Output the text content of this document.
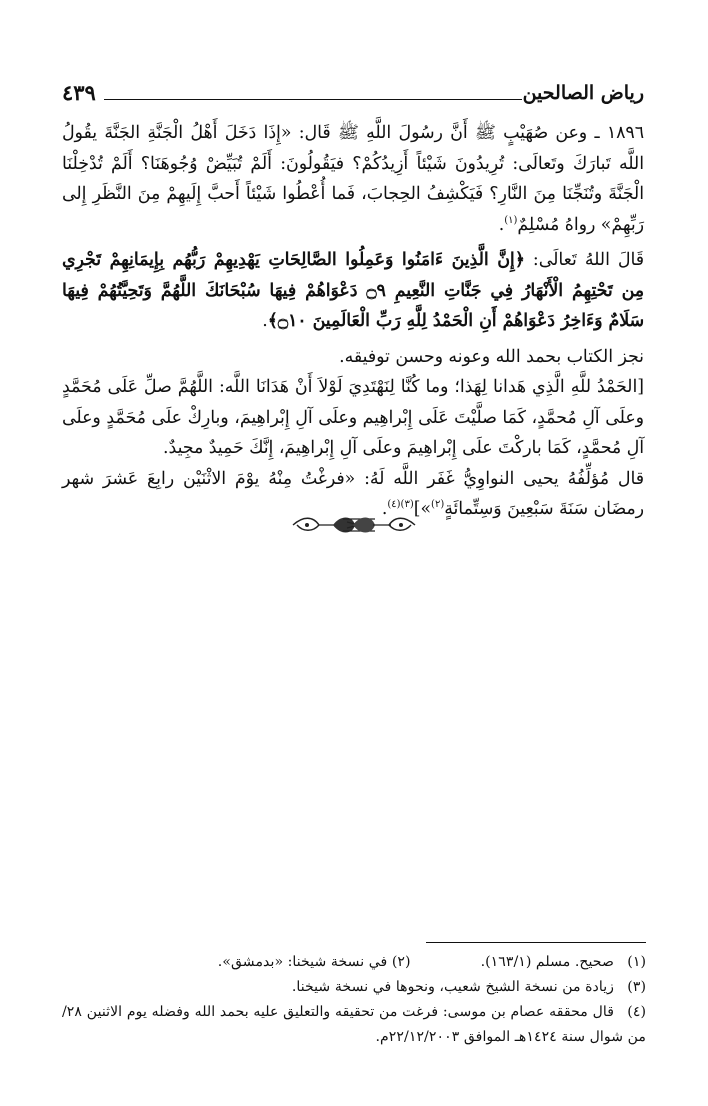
رياض الصالحين
٤٣٩

١٨٩٦ ـ وعن صُهَيْبٍ ﷺ أَنَّ رسُولَ اللَّهِ ﷺ قَال: «إِذَا دَخَلَ أَهْلُ الْجَنَّةِ الجَنَّةَ يقُولُ اللَّه تَبارَكَ وتَعالَى: تُرِيدُونَ شَيْئاً أَزِيدُكُمْ؟ فيَقُولُونَ: أَلَمْ تُبَيِّضْ وُجُوهَنَا؟ أَلَمْ تُدْخِلْنَا الْجَنَّةَ وتُنَجِّنَا مِنَ النَّارِ؟ فَيَكْشِفُ الحِجابَ، فَما أُعْطُوا شَيْئاً أَحبَّ إِلَيهِمْ مِنَ النَّظَرِ إِلى رَبِّهِمْ» رواهُ مُسْلِمٌ$^{(١)}$.

قَالَ اللهُ تَعالَى: ﴿إِنَّ الَّذِينَ ءَامَنُوا وَعَمِلُوا الصَّالِحَاتِ يَهْدِيهِمْ رَبُّهُم بِإِيمَانِهِمْ تَجْرِي مِن تَحْتِهِمُ الْأَنْهَارُ فِي جَنَّاتِ النَّعِيمِ ۝٩ دَعْوَاهُمْ فِيهَا سُبْحَانَكَ اللَّهُمَّ وَتَحِيَّتُهُمْ فِيهَا سَلَامٌ وَءَاخِرُ دَعْوَاهُمْ أَنِ الْحَمْدُ لِلَّهِ رَبِّ الْعَالَمِينَ ۝١٠﴾.

نجز الكتاب بحمد الله وعونه وحسن توفيقه.

[الحَمْدُ للَّهِ الَّذِي هَدانا لِهَذا؛ وما كُنَّا لِنَهْتَدِيَ لَوْلاَ أَنْ هَدَانَا اللَّه: اللَّهُمَّ صلِّ عَلَى مُحَمَّدٍ وعلَى آلِ مُحمَّدٍ، كَمَا صلَّيْتَ عَلَى إِبْراهِيم وعلَى آلِ إِبْراهِيمَ، وبارِكْ علَى مُحَمَّدٍ وعلَى آلِ مُحمَّدٍ، كَمَا باركْتَ علَى إِبْراهِيمَ وعلَى آلِ إِبْراهِيمَ، إِنَّكَ حَمِيدٌ مجِيدٌ.

قال مُؤلِّفُهُ يحيى النواوِيُّ غَفَر اللَّه لَهُ: «فرغْتُ مِنْهُ يوْمَ الاثْنَيْن رابِعَ عَشرَ شهر رمضَان سَنَةَ سَبْعِينَ وَسِتِّمائَةٍ$^{(٢)}$»]$^{(٣)(٤)}$.

(١)صحيح. مسلم (١٦٣/١).(٢) في نسخة شيخنا: «بدمشق».

(٣)زيادة من نسخة الشيخ شعيب، ونحوها في نسخة شيخنا.

(٤)قال محققه عصام بن موسى: فرغت من تحقيقه والتعليق عليه بحمد الله وفضله يوم الاثنين ٢٨/ من شوال سنة ١٤٢٤هـ الموافق ٢٢/١٢/٢٠٠٣م.
